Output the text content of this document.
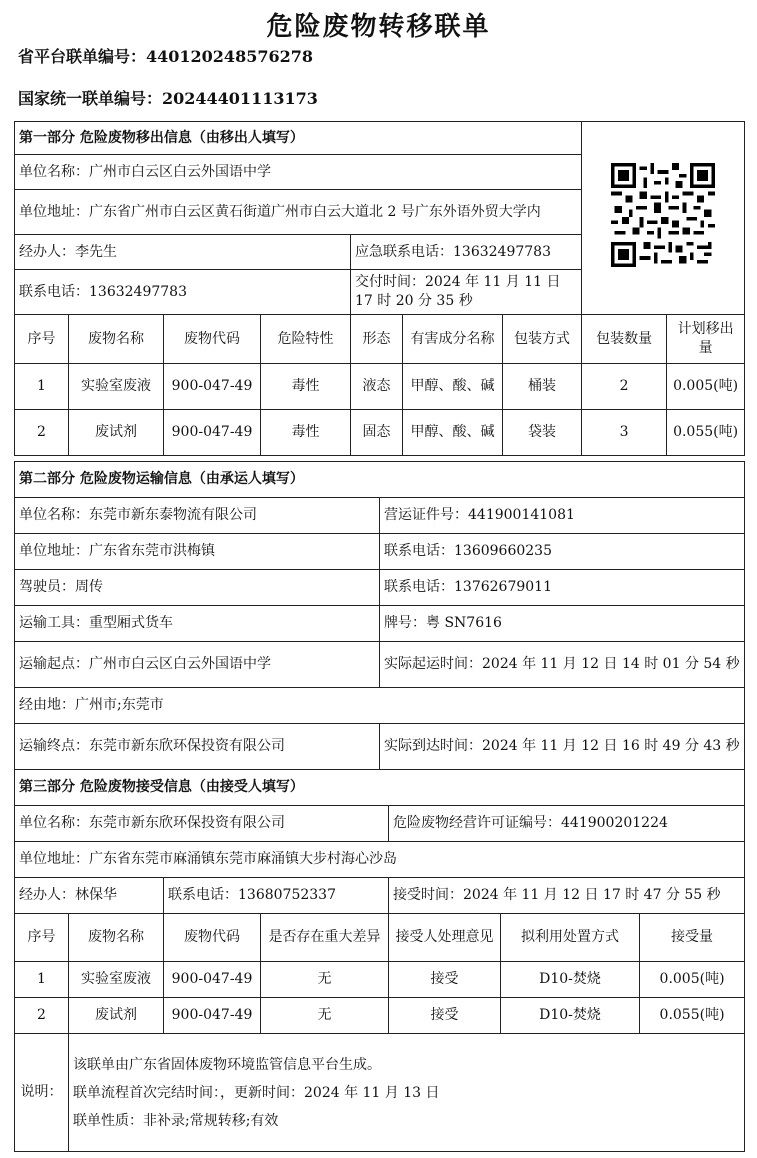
危险废物转移联单
省平台联单编号：440120248576278
国家统一联单编号：20244401113173
第一部分 危险废物移出信息（由移出人填写）	
单位名称：广州市白云区白云外国语中学								
单位地址：广东省广州市白云区黄石街道广州市白云大道北 2 号广东外语外贸大学内								
经办人：李先生				应急联系电话：13632497783				
联系电话：13632497783				交付时间：2024 年 11 月 11 日 17 时 20 分 35 秒				
序号	废物名称	废物代码	危险特性	形态	有害成分名称	包装方式	包装数量	计划移出量
1	实验室废液	900-047-49	毒性	液态	甲醇、酸、碱	桶装	2	0.005(吨)
2	废试剂	900-047-49	毒性	固态	甲醇、酸、碱	袋装	3	0.055(吨)
第二部分 危险废物运输信息（由承运人填写）	
单位名称：东莞市新东泰物流有限公司	营运证件号：441900141081
单位地址：广东省东莞市洪梅镇	联系电话：13609660235
驾驶员：周传	联系电话：13762679011
运输工具：重型厢式货车	牌号：粤 SN7616
运输起点：广州市白云区白云外国语中学	实际起运时间：2024 年 11 月 12 日 14 时 01 分 54 秒
经由地：广州市;东莞市	
运输终点：东莞市新东欣环保投资有限公司	实际到达时间：2024 年 11 月 12 日 16 时 49 分 43 秒
第三部分 危险废物接受信息（由接受人填写）						
单位名称：东莞市新东欣环保投资有限公司				危险废物经营许可证编号：441900201224		
单位地址：广东省东莞市麻涌镇东莞市麻涌镇大步村海心沙岛						
经办人：林保华		联系电话：13680752337		接受时间：2024 年 11 月 12 日 17 时 47 分 55 秒		
序号	废物名称	废物代码	是否存在重大差异	接受人处理意见	拟利用处置方式	接受量
1	实验室废液	900-047-49	无	接受	D10-焚烧	0.005(吨)
2	废试剂	900-047-49	无	接受	D10-焚烧	0.055(吨)
说明：	该联单由广东省固体废物环境监管信息平台生成。

联单流程首次完结时间：，更新时间：2024 年 11 月 13 日

联单性质：非补录;常规转移;有效					
